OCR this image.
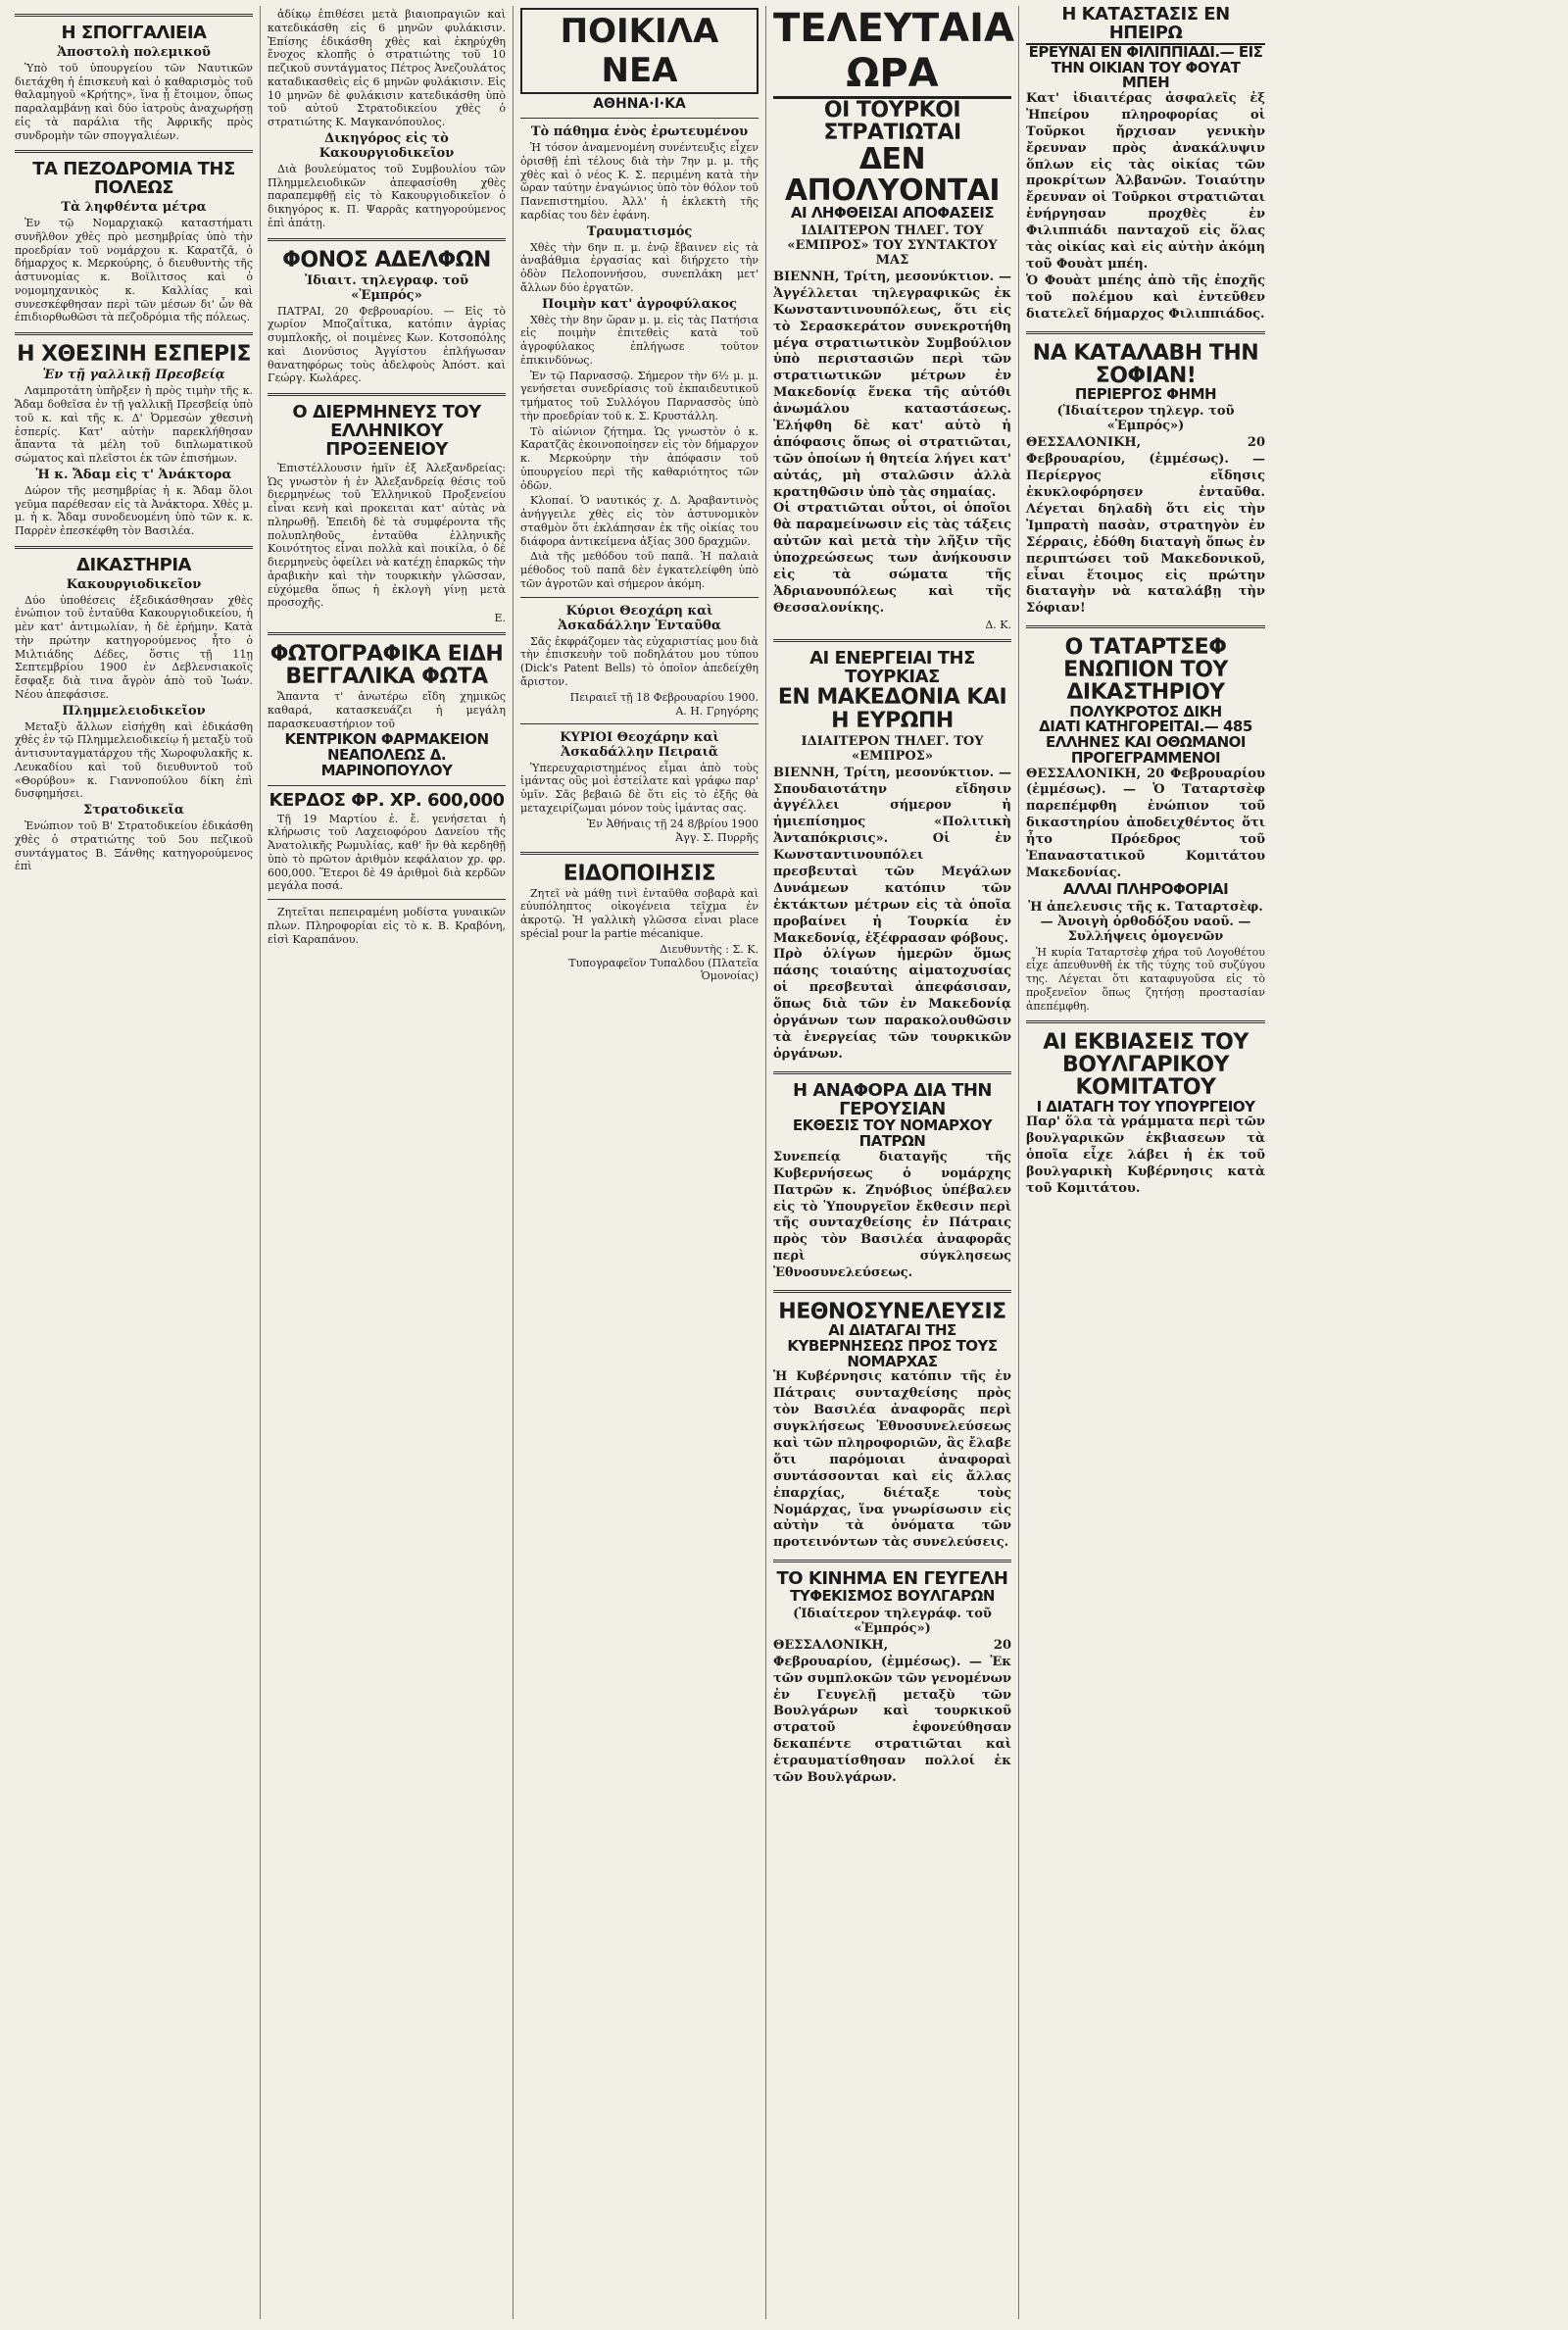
Η ΣΠΟΓΓΑΛΙΕΙΑ
Ἀποστολὴ πολεμικοῦ
Ὑπὸ τοῦ ὑπουργείου τῶν Ναυτικῶν διετάχθη ἡ ἐπισκευὴ καὶ ὁ καθαρισμὸς τοῦ θαλαμηγοῦ «Κρήτης», ἵνα ᾖ ἕτοιμον, ὅπως παραλαμβάνῃ καὶ δύο ἰατροὺς ἀναχωρήσῃ εἰς τὰ παράλια τῆς Ἀφρικῆς πρὸς συνδρομὴν τῶν σπογγαλιέων.
ΤΑ ΠΕΖΟΔΡΟΜΙΑ ΤΗΣ ΠΟΛΕΩΣ
Τὰ ληφθέντα μέτρα
Ἐν τῷ Νομαρχιακῷ καταστήματι συνῆλθον χθὲς πρὸ μεσημβρίας ὑπὸ τὴν προεδρίαν τοῦ νομάρχου κ. Καρατζᾶ, ὁ δήμαρχος κ. Μερκούρης, ὁ διευθυντὴς τῆς ἀστυνομίας κ. Βοϊλιτσος καὶ ὁ νομομηχανικὸς κ. Καλλίας καὶ συνεσκέφθησαν περὶ τῶν μέσων δι' ὧν θὰ ἐπιδιορθωθῶσι τὰ πεζοδρόμια τῆς πόλεως.
Η ΧΘΕΣΙΝΗ ΕΣΠΕΡΙΣ
Ἐν τῇ γαλλικῇ Πρεσβείᾳ
Λαμπροτάτη ὑπῆρξεν ἡ πρὸς τιμὴν τῆς κ. Ἄδαμ δοθεῖσα ἐν τῇ γαλλικῇ Πρεσβείᾳ ὑπὸ τοῦ κ. καὶ τῆς κ. Δ' Ὀρμεσὼν χθεσινὴ ἑσπερίς. Κατ' αὐτὴν παρεκλήθησαν ἅπαντα τὰ μέλη τοῦ διπλωματικοῦ σώματος καὶ πλεῖστοι ἐκ τῶν ἐπισήμων.
Ἡ κ. Ἄδαμ εἰς τ' Ἀνάκτορα
Δώρον τῆς μεσημβρίας ἡ κ. Ἄδαμ ὅλοι γεῦμα παρέθεσαν εἰς τὰ Ἀνάκτορα. Χθὲς μ. μ. ἡ κ. Ἄδαμ συνοδευομένη ὑπὸ τῶν κ. κ. Παρρὲν ἐπεσκέφθη τὸν Βασιλέα.
ΔΙΚΑΣΤΗΡΙΑ
Κακουργιοδικεῖον
Δύο ὑποθέσεις ἐξεδικάσθησαν χθὲς ἐνώπιον τοῦ ἐνταῦθα Κακουργιοδικείου, ἡ μὲν κατ' ἀντιμωλίαν, ἡ δὲ ἐρήμην. Κατὰ τὴν πρώτην κατηγορούμενος ἦτο ὁ Μιλτιάδης Δέδες, ὅστις τῇ 11ῃ Σεπτεμβρίου 1900 ἐν Δεβλενσιακοῖς ἔσφαξε διὰ τινα ἄγρὸν ἀπὸ τοῦ Ἰωάν. Νέου ἀπεφάσισε.
Πλημμελειοδικεῖον
Μεταξὺ ἄλλων εἰσήχθη καὶ ἐδικάσθη χθὲς ἐν τῷ Πλημμελειοδικείῳ ἡ μεταξὺ τοῦ ἀντισυνταγματάρχου τῆς Χωροφυλακῆς κ. Λευκαδίου καὶ τοῦ διευθυντοῦ τοῦ «Θορύβου» κ. Γιαννοπούλου δίκη ἐπὶ δυσφημήσει.
Στρατοδικεῖα
Ἐνώπιον τοῦ Β' Στρατοδικείου ἐδικάσθη χθὲς ὁ στρατιώτης τοῦ 5ου πεζικοῦ συντάγματος Β. Ξάνθης κατηγορούμενος ἐπὶ
ἀδίκῳ ἐπιθέσει μετὰ βιαιοπραγιῶν καὶ κατεδικάσθη εἰς 6 μηνῶν φυλάκισιν. Ἐπίσης ἐδικάσθη χθὲς καὶ ἐκηρύχθη ἔνοχος κλοπῆς ὁ στρατιώτης τοῦ 10 πεζικοῦ συντάγματος Πέτρος Ἀνεζουλάτος καταδικασθεὶς εἰς 6 μηνῶν φυλάκισιν. Εἰς 10 μηνῶν δὲ φυλάκισιν κατεδικάσθη ὑπὸ τοῦ αὐτοῦ Στρατοδικείου χθὲς ὁ στρατιώτης Κ. Μαγκανόπουλος.
Δικηγόρος εἰς τὸ Κακουργιοδικεῖον
Διὰ βουλεύματος τοῦ Συμβουλίου τῶν Πλημμελειοδικῶν ἀπεφασίσθη χθὲς παραπεμφθῇ εἰς τὸ Κακουργιοδικεῖον ὁ δικηγόρος κ. Π. Ψαρρᾶς κατηγορούμενος ἐπὶ ἀπάτῃ.
ΦΟΝΟΣ ΑΔΕΛΦΩΝ
Ἰδιαιτ. τηλεγραφ. τοῦ «Ἐμπρός»
ΠΑΤΡΑΙ, 20 Φεβρουαρίου. — Εἰς τὸ χωρίον Μποζαΐτικα, κατόπιν ἀγρίας συμπλοκῆς, οἱ ποιμένες Κων. Κοτσοπόλης καὶ Διονύσιος Ἀγγίστου ἐπλήγωσαν θανατηφόρως τοὺς ἀδελφοὺς Ἀπόστ. καὶ Γεώργ. Κωλάρες.
Ο ΔΙΕΡΜΗΝΕΥΣ ΤΟΥ ΕΛΛΗΝΙΚΟΥ ΠΡΟΞΕΝΕΙΟΥ
Ἐπιστέλλουσιν ἡμῖν ἐξ Ἀλεξανδρείας: Ὡς γνωστὸν ἡ ἐν Ἀλεξανδρείᾳ θέσις τοῦ διερμηνέως τοῦ Ἑλληνικοῦ Προξενείου εἶναι κενὴ καὶ προκειται κατ' αὐτὰς νὰ πληρωθῇ. Ἐπειδὴ δὲ τὰ συμφέροντα τῆς πολυπληθοῦς ἐνταῦθα ἑλληνικῆς Κοινότητος εἶναι πολλὰ καὶ ποικίλα, ὁ δὲ διερμηνεὺς ὀφείλει νὰ κατέχῃ ἐπαρκῶς τὴν ἀραβικὴν καὶ τὴν τουρκικὴν γλῶσσαν, εὐχόμεθα ὅπως ἡ ἐκλογὴ γίνῃ μετὰ προσοχῆς.
Ε.
ΦΩΤΟΓΡΑΦΙΚΑ ΕΙΔΗ
ΒΕΓΓΑΛΙΚΑ ΦΩΤΑ
Ἄπαντα τ' ἀνωτέρω εἴδη χημικῶς καθαρά, κατασκευάζει ἡ μεγάλη παρασκευαστήριον τοῦ
ΚΕΝΤΡΙΚΟΝ ΦΑΡΜΑΚΕΙΟΝ ΝΕΑΠΟΛΕΩΣ Δ. ΜΑΡΙΝΟΠΟΥΛΟΥ
ΚΕΡΔΟΣ ΦΡ. ΧΡ. 600,000
Τῇ 19 Μαρτίου ἐ. ἔ. γενήσεται ἡ κλήρωσις τοῦ Λαχειοφόρου Δανείου τῆς Ἀνατολικῆς Ρωμυλίας, καθ' ἣν θὰ κερδηθῇ ὑπὸ τὸ πρῶτον ἀριθμὸν κεφάλαιον χρ. φρ. 600,000. Ἕτεροι δὲ 49 ἀριθμοὶ διὰ κερδῶν μεγάλα ποσά.
Ζητεῖται πεπειραμένη μοδίστα γυναικῶν πλων. Πληροφορίαι εἰς τὸ κ. Β. Κραβόνη, εἰσὶ Καραπάνου.
ΠΟΙΚΙΛΑ ΝΕΑ
ΑΘΗΝΑ·Ι·ΚΑ
Τὸ πάθημα ἑνὸς ἐρωτευμένου
Ἡ τόσον ἀναμενομένη συνέντευξις εἶχεν ὁρισθῇ ἐπὶ τέλους διὰ τὴν 7ην μ. μ. τῆς χθὲς καὶ ὁ νέος Κ. Σ. περιμένη κατὰ τὴν ὥραν ταύτην ἐναγώνιος ὑπὸ τὸν θόλον τοῦ Πανεπιστημίου. Ἀλλ' ἡ ἐκλεκτὴ τῆς καρδίας του δὲν ἐφάνη.
Τραυματισμός
Χθὲς τὴν 6ην π. μ. ἐνῷ ἔβαινεν εἰς τὰ ἀναβάθμια ἐργασίας καὶ διήρχετο τὴν ὁδὸν Πελοποννήσου, συνεπλάκη μετ' ἄλλων δύο ἐργατῶν.
Ποιμὴν κατ' ἀγροφύλακος
Χθὲς τὴν 8ην ὥραν μ. μ. εἰς τὰς Πατήσια εἰς ποιμὴν ἐπιτεθεὶς κατὰ τοῦ ἀγροφύλακος ἐπλήγωσε τοῦτον ἐπικινδύνως.
Ἐν τῷ Παρνασσῷ. Σήμερον τὴν 6½ μ. μ. γενήσεται συνεδρίασις τοῦ ἐκπαιδευτικοῦ τμήματος τοῦ Συλλόγου Παρνασσὸς ὑπὸ τὴν προεδρίαν τοῦ κ. Σ. Κρυστάλλη.
Τὸ αἰώνιον ζήτημα. Ὡς γνωστὸν ὁ κ. Καρατζᾶς ἐκοινοποίησεν εἰς τὸν δήμαρχον κ. Μερκούρην τὴν ἀπόφασιν τοῦ ὑπουργείου περὶ τῆς καθαριότητος τῶν ὁδῶν.
Κλοπαί. Ὁ ναυτικός χ. Δ. Ἀραβαντινὸς ἀνήγγειλε χθὲς εἰς τὸν ἀστυνομικὸν σταθμὸν ὅτι ἐκλάπησαν ἐκ τῆς οἰκίας του διάφορα ἀντικείμενα ἀξίας 300 δραχμῶν.
Διὰ τῆς μεθόδου τοῦ παπᾶ. Ἡ παλαιὰ μέθοδος τοῦ παπᾶ δὲν ἐγκατελείφθη ὑπὸ τῶν ἀγροτῶν καὶ σήμερον ἀκόμη.
Κύριοι Θεοχάρη καὶ Ἀσκαδάλλην Ἐνταῦθα
Σᾶς ἐκφράζομεν τὰς εὐχαριστίας μου διὰ τὴν ἐπισκευὴν τοῦ ποδηλάτου μου τύπου (Dick's Patent Bells) τὸ ὁποῖον ἀπεδείχθη ἄριστον.
Πειραιεῖ τῇ 18 Φεβρουαρίου 1900.
Α. Η. Γρηγόρης
ΚΥΡΙΟΙ Θεοχάρην καὶ Ἀσκαδάλλην Πειραιᾶ
Ὑπερευχαριστημένος εἶμαι ἀπὸ τοὺς ἱμάντας οὓς μοὶ ἐστείλατε καὶ γράφω παρ' ὑμῖν. Σᾶς βεβαιῶ δὲ ὅτι εἰς τὸ ἐξῆς θὰ μεταχειρίζωμαι μόνον τοὺς ἱμάντας σας.
Ἐν Ἀθήναις τῇ 24 8/βρίου 1900
Ἀγγ. Σ. Πυρρῆς
ΕΙΔΟΠΟΙΗΣΙΣ
Ζητεῖ νὰ μάθῃ τινὶ ἐνταῦθα σοβαρὰ καὶ εὐυπόληπτος οἰκογένεια τεῖχμα ἐν ἀκροτῷ. Ἡ γαλλικὴ γλῶσσα εἶναι place spécial pour la partie mécanique.
Διευθυντὴς : Σ. Κ.
Τυπογραφεῖον Τυπαλδου (Πλατεῖα Ὁμονοίας)
ΤΕΛΕΥΤΑΙΑ ΩΡΑ
ΟΙ ΤΟΥΡΚΟΙ ΣΤΡΑΤΙΩΤΑΙ
ΔΕΝ ΑΠΟΛΥΟΝΤΑΙ
ΑΙ ΛΗΦΘΕΙΣΑΙ ΑΠΟΦΑΣΕΙΣ
ΙΔΙΑΙΤΕΡΟΝ ΤΗΛΕΓ. ΤΟΥ «ΕΜΠΡΟΣ» ΤΟΥ ΣΥΝΤΑΚΤΟΥ ΜΑΣ
ΒΙΕΝΝΗ, Τρίτη, μεσονύκτιον. — Ἀγγέλλεται τηλεγραφικῶς ἐκ Κωνσταντινουπόλεως, ὅτι εἰς τὸ Σερασκεράτον συνεκροτήθη μέγα στρατιωτικὸν Συμβούλιον ὑπὸ περιστασιῶν περὶ τῶν στρατιωτικῶν μέτρων ἐν Μακεδονίᾳ ἕνεκα τῆς αὐτόθι ἀνωμάλου καταστάσεως. Ἐλήφθη δὲ κατ' αὐτὸ ἡ ἀπόφασις ὅπως οἱ στρατιῶται, τῶν ὁποίων ἡ θητεία λήγει κατ' αὐτάς, μὴ σταλῶσιν ἀλλὰ κρατηθῶσιν ὑπὸ τὰς σημαίας.
Οἱ στρατιῶται οὗτοι, οἱ ὁποῖοι θὰ παραμείνωσιν εἰς τὰς τάξεις αὐτῶν καὶ μετὰ τὴν λῆξιν τῆς ὑποχρεώσεως των ἀνήκουσιν εἰς τὰ σώματα τῆς Ἀδριανουπόλεως καὶ τῆς Θεσσαλονίκης.
Δ. Κ.
ΑΙ ΕΝΕΡΓΕΙΑΙ ΤΗΣ ΤΟΥΡΚΙΑΣ
ΕΝ ΜΑΚΕΔΟΝΙΑ ΚΑΙ Η ΕΥΡΩΠΗ
ΙΔΙΑΙΤΕΡΟΝ ΤΗΛΕΓ. ΤΟΥ «ΕΜΠΡΟΣ»
ΒΙΕΝΝΗ, Τρίτη, μεσονύκτιον. — Σπουδαιοτάτην εἴδησιν ἀγγέλλει σήμερον ἡ ἡμιεπίσημος «Πολιτικὴ Ἀνταπόκρισις». Οἱ ἐν Κωνσταντινουπόλει πρεσβευταὶ τῶν Μεγάλων Δυνάμεων κατόπιν τῶν ἐκτάκτων μέτρων εἰς τὰ ὁποῖα προβαίνει ἡ Τουρκία ἐν Μακεδονίᾳ, ἐξέφρασαν φόβους.
Πρὸ ὀλίγων ἡμερῶν ὅμως πάσης τοιαύτης αἰματοχυσίας οἱ πρεσβευταὶ ἀπεφάσισαν, ὅπως διὰ τῶν ἐν Μακεδονίᾳ ὀργάνων των παρακολουθῶσιν τὰ ἐνεργείας τῶν τουρκικῶν ὀργάνων.
Η ΑΝΑΦΟΡΑ ΔΙΑ ΤΗΝ ΓΕΡΟΥΣΙΑΝ
ΕΚΘΕΣΙΣ ΤΟΥ ΝΟΜΑΡΧΟΥ ΠΑΤΡΩΝ
Συνεπείᾳ διαταγῆς τῆς Κυβερνήσεως ὁ νομάρχης Πατρῶν κ. Ζηνόβιος ὑπέβαλεν εἰς τὸ Ὑπουργεῖον ἔκθεσιν περὶ τῆς συνταχθείσης ἐν Πάτραις πρὸς τὸν Βασιλέα ἀναφορᾶς περὶ σύγκλησεως Ἐθνοσυνελεύσεως.
ΗΕΘΝΟΣΥΝΕΛΕΥΣΙΣ
ΑΙ ΔΙΑΤΑΓΑΙ ΤΗΣ ΚΥΒΕΡΝΗΣΕΩΣ ΠΡΟΣ ΤΟΥΣ ΝΟΜΑΡΧΑΣ
Ἡ Κυβέρνησις κατόπιν τῆς ἐν Πάτραις συνταχθείσης πρὸς τὸν Βασιλέα ἀναφορᾶς περὶ συγκλήσεως Ἐθνοσυνελεύσεως καὶ τῶν πληροφοριῶν, ἃς ἔλαβε ὅτι παρόμοιαι ἀναφοραὶ συντάσσονται καὶ εἰς ἄλλας ἐπαρχίας, διέταξε τοὺς Νομάρχας, ἵνα γνωρίσωσιν εἰς αὐτὴν τὰ ὀνόματα τῶν προτεινόντων τὰς συνελεύσεις.
ΤΟ ΚΙΝΗΜΑ ΕΝ ΓΕΥΓΕΛΗ
ΤΥΦΕΚΙΣΜΟΣ ΒΟΥΛΓΑΡΩΝ
(Ἰδιαίτερον τηλεγράφ. τοῦ «Ἐμπρός»)
ΘΕΣΣΑΛΟΝΙΚΗ, 20 Φεβρουαρίου, (ἐμμέσως). — Ἐκ τῶν συμπλοκῶν τῶν γενομένων ἐν Γευγελῇ μεταξὺ τῶν Βουλγάρων καὶ τουρκικοῦ στρατοῦ ἐφονεύθησαν δεκαπέντε στρατιῶται καὶ ἐτραυματίσθησαν πολλοί ἐκ τῶν Βουλγάρων.
Η ΚΑΤΑΣΤΑΣΙΣ ΕΝ ΗΠΕΙΡΩ
ΕΡΕΥΝΑΙ ΕΝ ΦΙΛΙΠΠΙΑΔΙ.— ΕΙΣ ΤΗΝ ΟΙΚΙΑΝ ΤΟΥ ΦΟΥΑΤ ΜΠΕΗ
Κατ' ἰδιαιτέρας ἀσφαλεῖς ἐξ Ἠπείρου πληροφορίας οἱ Τοῦρκοι ἤρχισαν γενικὴν ἔρευναν πρὸς ἀνακάλυψιν ὅπλων εἰς τὰς οἰκίας τῶν προκρίτων Ἀλβανῶν. Τοιαύτην ἔρευναν οἱ Τοῦρκοι στρατιῶται ἐνήργησαν προχθὲς ἐν Φιλιππιάδι πανταχοῦ εἰς ὅλας τὰς οἰκίας καὶ εἰς αὐτὴν ἀκόμη τοῦ Φουὰτ μπέη.
Ὁ Φουὰτ μπέης ἀπὸ τῆς ἐποχῆς τοῦ πολέμου καὶ ἐντεῦθεν διατελεῖ δήμαρχος Φιλιππιάδος.
ΝΑ ΚΑΤΑΛΑΒΗ ΤΗΝ ΣΟΦΙΑΝ!
ΠΕΡΙΕΡΓΟΣ ΦΗΜΗ
(Ἰδιαίτερον τηλεγρ. τοῦ «Ἐμπρός»)
ΘΕΣΣΑΛΟΝΙΚΗ, 20 Φεβρουαρίου, (ἐμμέσως). — Περίεργος εἴδησις ἐκυκλοφόρησεν ἐνταῦθα. Λέγεται δηλαδὴ ὅτι εἰς τὴν Ἰμπρατὴ πασὰν, στρατηγὸν ἐν Σέρραις, ἐδόθη διαταγὴ ὅπως ἐν περιπτώσει τοῦ Μακεδονικοῦ, εἶναι ἕτοιμος εἰς πρώτην διαταγὴν νὰ καταλάβῃ τὴν Σόφιαν!
Ο ΤΑΤΑΡΤΣΕΦ ΕΝΩΠΙΟΝ ΤΟΥ ΔΙΚΑΣΤΗΡΙΟΥ
ΠΟΛΥΚΡΟΤΟΣ ΔΙΚΗ
ΔΙΑΤΙ ΚΑΤΗΓΟΡΕΙΤΑΙ.— 485 ΕΛΛΗΝΕΣ ΚΑΙ ΟΘΩΜΑΝΟΙ ΠΡΟΓΕΓΡΑΜΜΕΝΟΙ
ΘΕΣΣΑΛΟΝΙΚΗ, 20 Φεβρουαρίου (ἐμμέσως). — Ὁ Ταταρτσὲφ παρεπέμφθη ἐνώπιον τοῦ δικαστηρίου ἀποδειχθέντος ὅτι ἦτο Πρόεδρος τοῦ Ἐπαναστατικοῦ Κομιτάτου Μακεδονίας.
ΑΛΛΑΙ ΠΛΗΡΟΦΟΡΙΑΙ
Ἡ ἀπελευσις τῆς κ. Ταταρτσὲφ. — Ἀνοιγὴ ὀρθοδόξου ναοῦ. — Συλλήψεις ὁμογενῶν
Ἡ κυρία Ταταρτσὲφ χήρα τοῦ Λογοθέτου εἶχε ἀπευθυνθῆ ἐκ τῆς τύχης τοῦ συζύγου της. Λέγεται ὅτι καταφυγοῦσα εἰς τὸ προξενεῖον ὅπως ζητήσῃ προστασίαν ἀπεπέμφθη.
ΑΙ ΕΚΒΙΑΣΕΙΣ ΤΟΥ ΒΟΥΛΓΑΡΙΚΟΥ ΚΟΜΙΤΑΤΟΥ
Ι ΔΙΑΤΑΓΗ ΤΟΥ ΥΠΟΥΡΓΕΙΟΥ
Παρ' ὅλα τὰ γράμματα περὶ τῶν βουλγαρικῶν ἐκβιασεων τὰ ὁποῖα εἶχε λάβει ἡ ἐκ τοῦ βουλγαρικὴ Κυβέρνησις κατὰ τοῦ Κομιτάτου.
